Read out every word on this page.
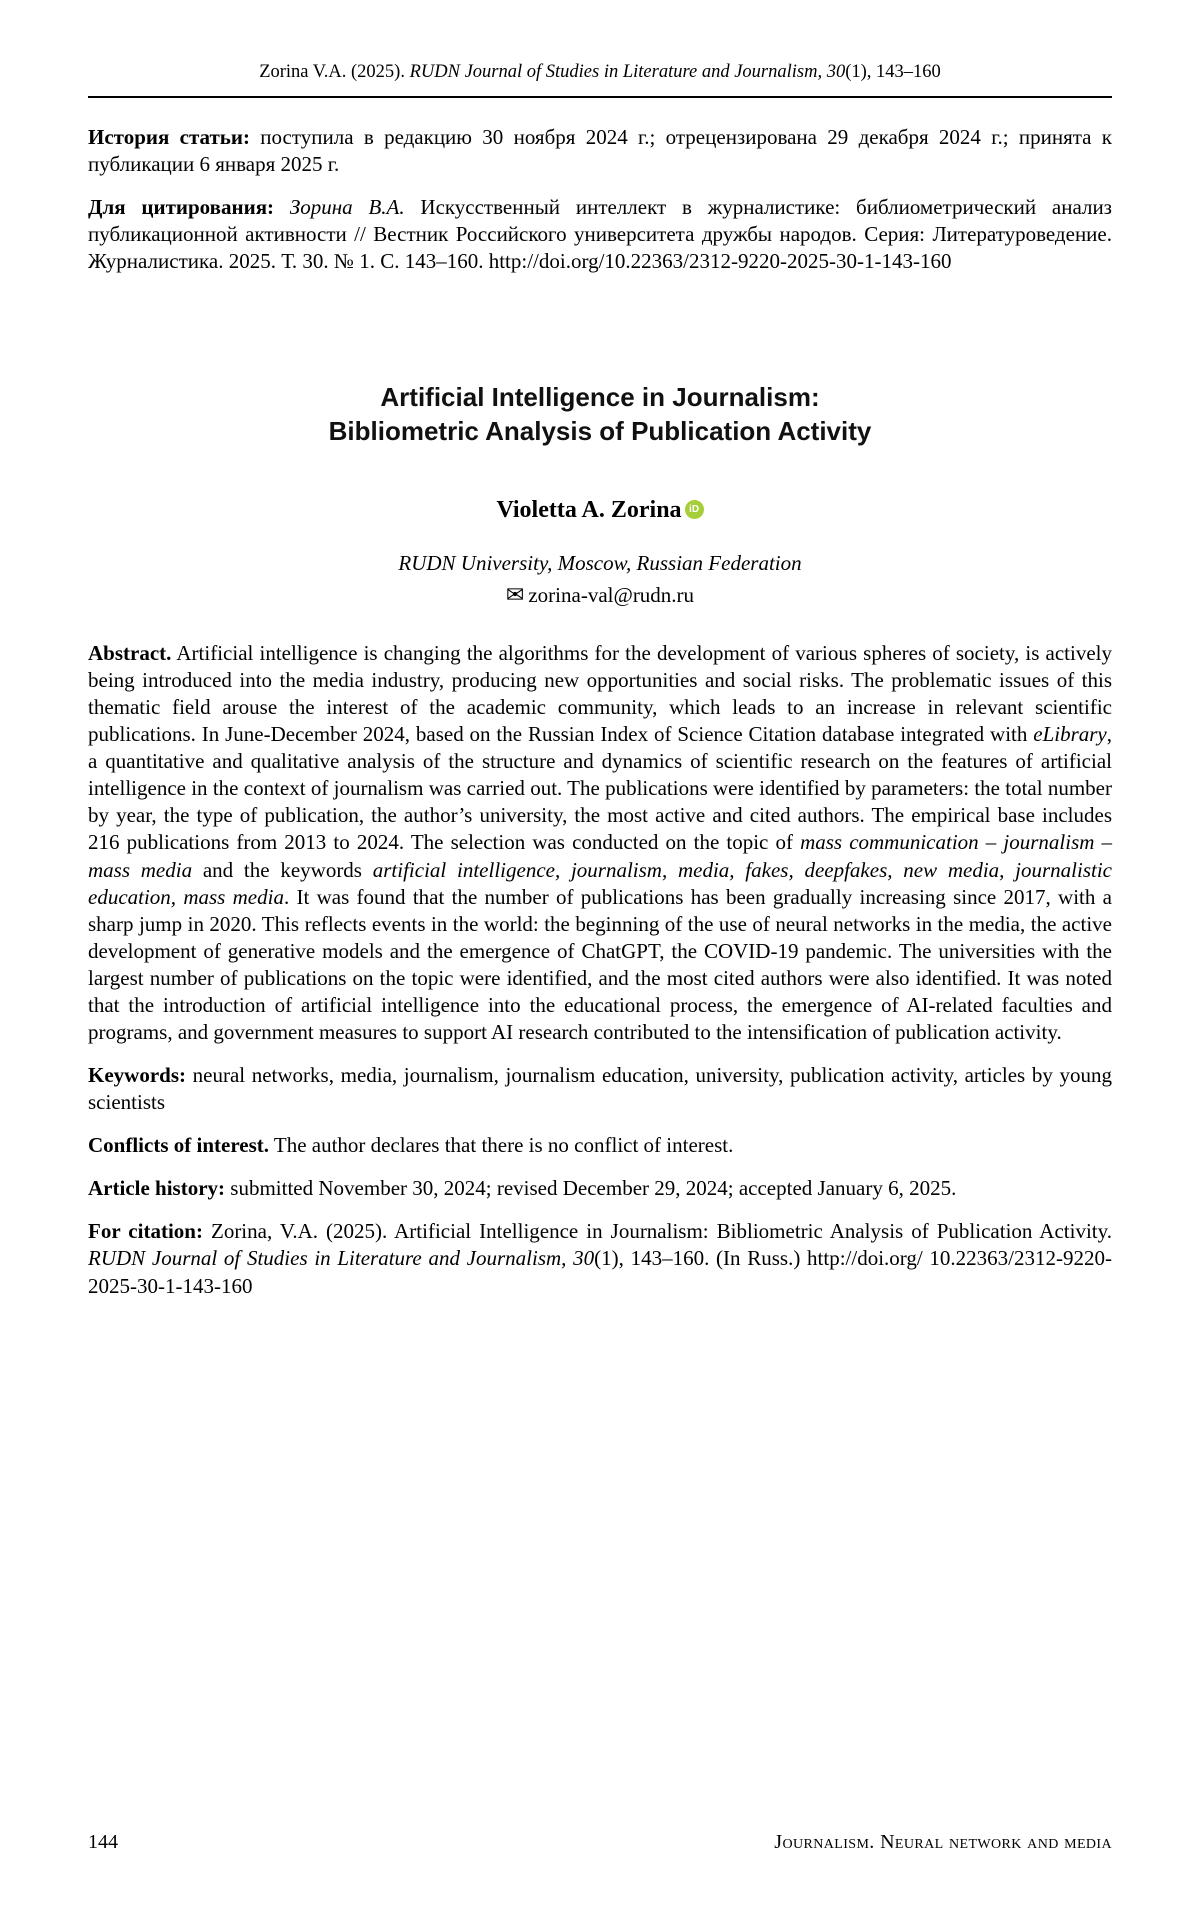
Zorina V.A. (2025). RUDN Journal of Studies in Literature and Journalism, 30(1), 143–160

История статьи: поступила в редакцию 30 ноября 2024 г.; отрецензирована 29 декабря 2024 г.; принята к публикации 6 января 2025 г.

Для цитирования: Зорина В.А. Искусственный интеллект в журналистике: библиометрический анализ публикационной активности // Вестник Российского университета дружбы народов. Серия: Литературоведение. Журналистика. 2025. Т. 30. № 1. С. 143–160. http://doi.org/10.22363/2312-9220-2025-30-1-143-160

Artificial Intelligence in Journalism:
Bibliometric Analysis of Publication Activity
Violetta A. Zorina iD
RUDN University, Moscow, Russian Federation
✉ zorina-val@rudn.ru

Abstract. Artificial intelligence is changing the algorithms for the development of various spheres of society, is actively being introduced into the media industry, producing new opportunities and social risks. The problematic issues of this thematic field arouse the interest of the academic community, which leads to an increase in relevant scientific publications. In June-December 2024, based on the Russian Index of Science Citation database integrated with eLibrary, a quantitative and qualitative analysis of the structure and dynamics of scientific research on the features of artificial intelligence in the context of journalism was carried out. The publications were identified by parameters: the total number by year, the type of publication, the author’s university, the most active and cited authors. The empirical base includes 216 publications from 2013 to 2024. The selection was conducted on the topic of mass communication – journalism – mass media and the keywords artificial intelligence, journalism, media, fakes, deepfakes, new media, journalistic education, mass media. It was found that the number of publications has been gradually increasing since 2017, with a sharp jump in 2020. This reflects events in the world: the beginning of the use of neural networks in the media, the active development of generative models and the emergence of ChatGPT, the COVID-19 pandemic. The universities with the largest number of publications on the topic were identified, and the most cited authors were also identified. It was noted that the introduction of artificial intelligence into the educational process, the emergence of AI-related faculties and programs, and government measures to support AI research contributed to the intensification of publication activity.

Keywords: neural networks, media, journalism, journalism education, university, publication activity, articles by young scientists

Conflicts of interest. The author declares that there is no conflict of interest.

Article history: submitted November 30, 2024; revised December 29, 2024; accepted January 6, 2025.

For citation: Zorina, V.A. (2025). Artificial Intelligence in Journalism: Bibliometric Analysis of Publication Activity. RUDN Journal of Studies in Literature and Journalism, 30(1), 143–160. (In Russ.) http://doi.org/ 10.22363/2312-9220-2025-30-1-143-160

144	Journalism. Neural network and media
